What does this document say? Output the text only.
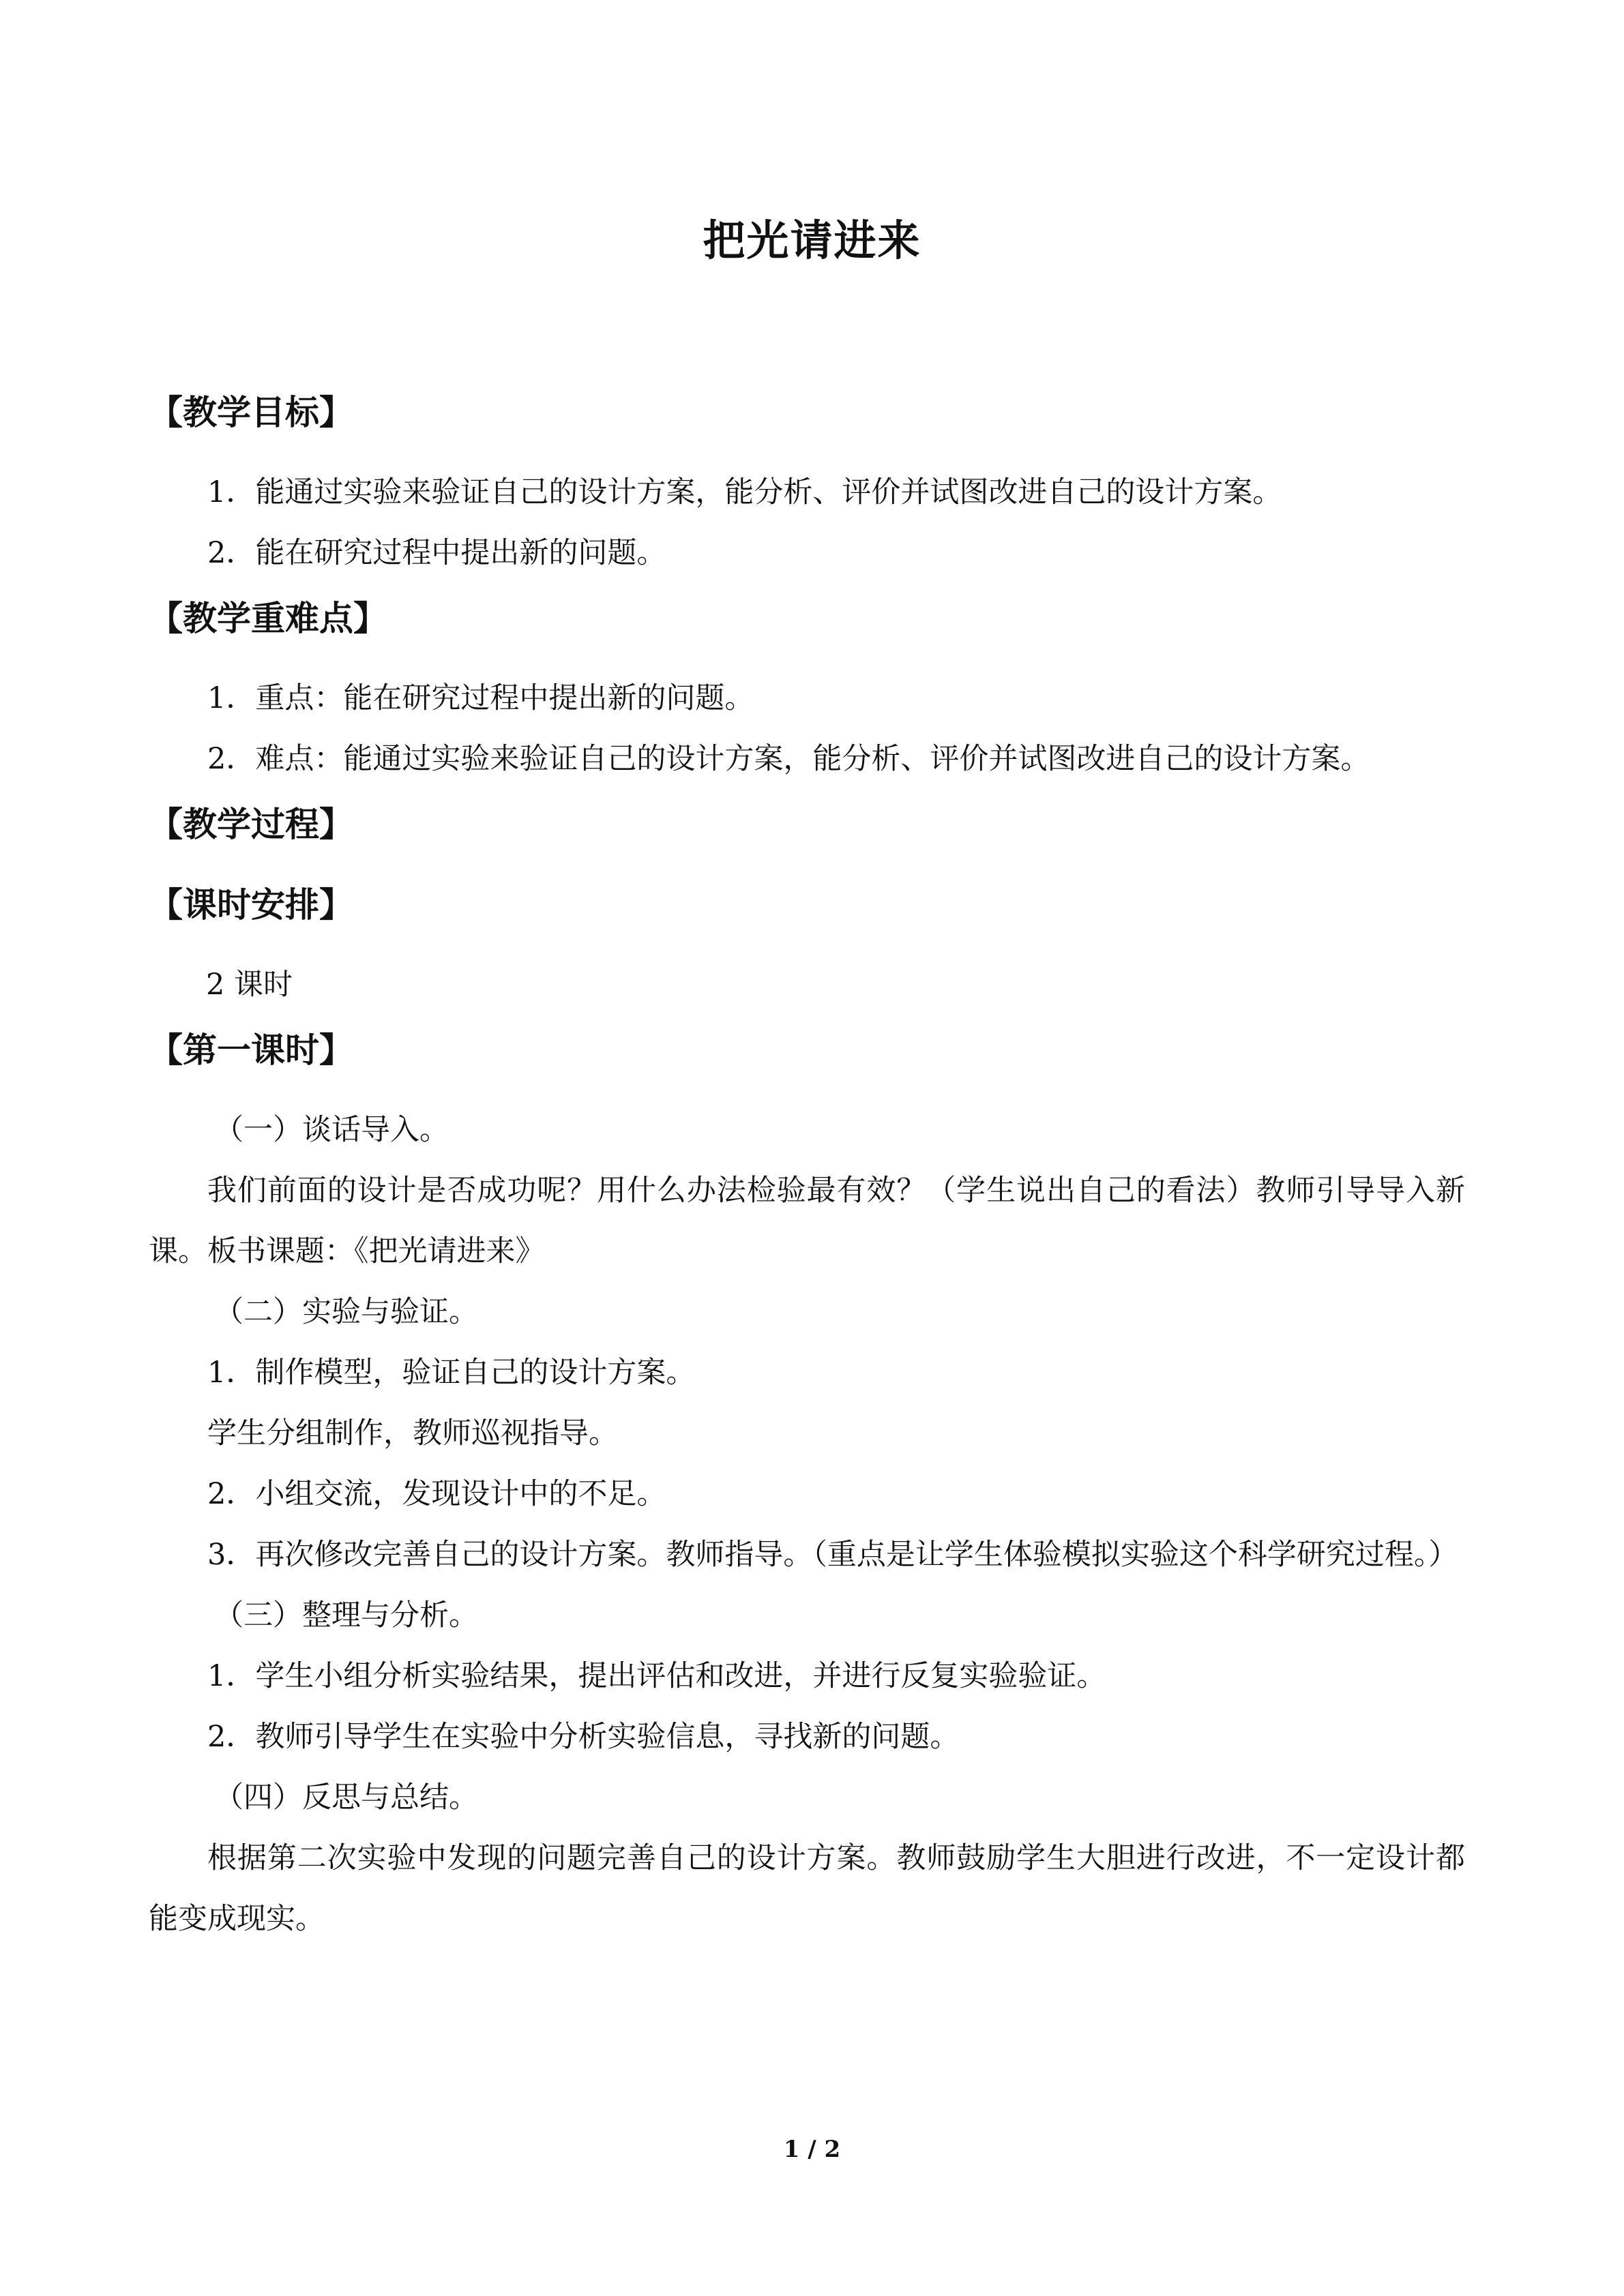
把光请进来
【教学目标】

1．能通过实验来验证自己的设计方案，能分析、评价并试图改进自己的设计方案。

2．能在研究过程中提出新的问题。

【教学重难点】

1．重点：能在研究过程中提出新的问题。

2．难点：能通过实验来验证自己的设计方案，能分析、评价并试图改进自己的设计方案。

【教学过程】
【课时安排】

2 课时

【第一课时】

（一）谈话导入。

我们前面的设计是否成功呢？用什么办法检验最有效？（学生说出自己的看法）教师引导导入新课。板书课题：《把光请进来》

（二）实验与验证。

1．制作模型，验证自己的设计方案。

学生分组制作，教师巡视指导。

2．小组交流，发现设计中的不足。

3．再次修改完善自己的设计方案。教师指导。（重点是让学生体验模拟实验这个科学研究过程。）

（三）整理与分析。

1．学生小组分析实验结果，提出评估和改进，并进行反复实验验证。

2．教师引导学生在实验中分析实验信息，寻找新的问题。

（四）反思与总结。

根据第二次实验中发现的问题完善自己的设计方案。教师鼓励学生大胆进行改进，不一定设计都能变成现实。

1 / 2
